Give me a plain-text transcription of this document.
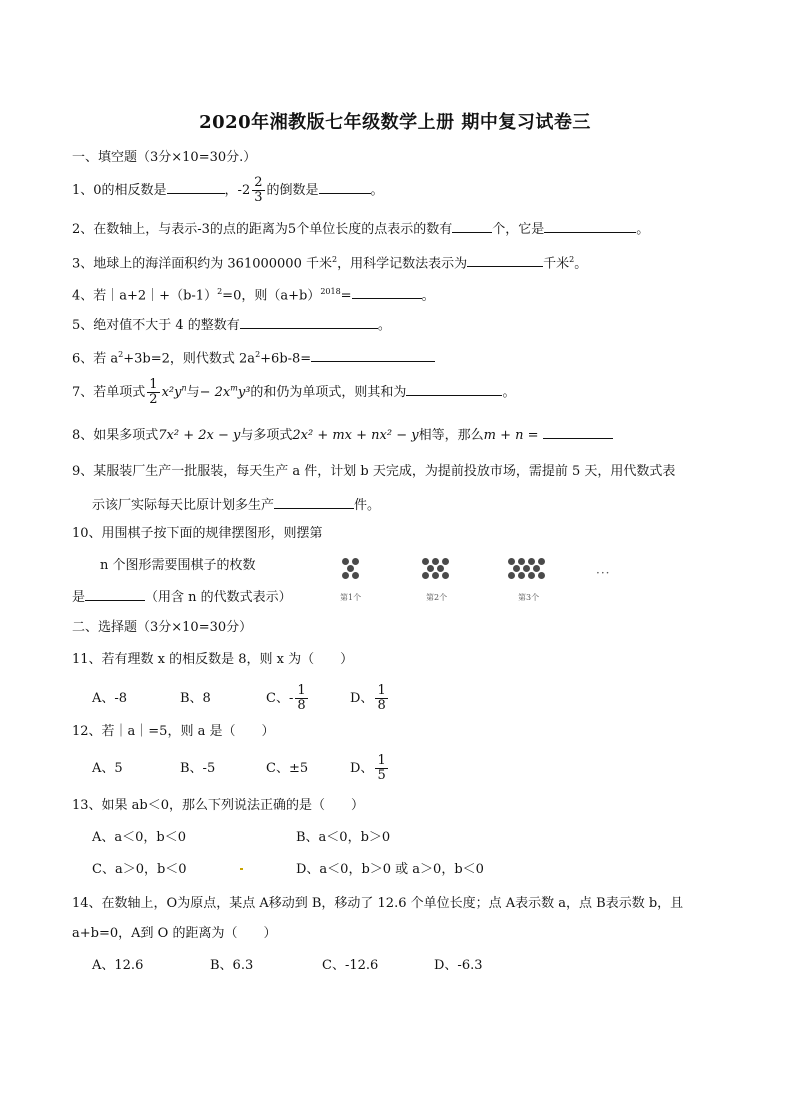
2020年湘教版七年级数学上册 期中复习试卷三
一、填空题（3分×10=30分.）
1、0的相反数是	，$-2 \frac{2}{3}$ 的倒数是	。
2、在数轴上，与表示-3的点的距离为5个单位长度的点表示的数有	个，它是	。
3、地球上的海洋面积约为 361000000 千米$^2$，用科学记数法表示为	千米$^2$。
4、若$|a+2|+(b-1)^2=0$，则$(a+b)^{2018}=$	。
5、绝对值不大于 4 的整数有	。
6、若 $a^2+3b=2$，则代数式 $2a^2+6b-8=$
7、若单项式 $\frac{1}{2} x^2y^n$与− $2x^my^3$的和仍为单项式，则其和为	。
8、如果多项式7x² + 2x − y与多项式2x² + mx + nx² − y相等，那么m + n =
9、某服装厂生产一批服装，每天生产 a 件，计划 b 天完成，为提前投放市场，需提前 5 天，用代数式表
示该厂实际每天比原计划多生产	件。
10、用围棋子按下面的规律摆图形，则摆第
n 个图形需要围棋子的枚数
是	（用含 n 的代数式表示）	第1个	第2个	第3个
···
二、选择题（3分×10=30分）
11、若有理数 x 的相反数是 8，则 x 为（　　）
A、-8	B、8	C、- $\frac{1}{8}$	D、 $\frac{1}{8}$
12、若｜a｜=5，则 a 是（　　）
A、5	B、-5	C、±5	D、 $\frac{1}{5}$
13、如果 ab＜0，那么下列说法正确的是（　　）
A、a＜0，b＜0	B、a＜0，b＞0
C、a＞0，b＜0	D、a＜0，b＞0 或 a＞0，b＜0
14、在数轴上，O为原点，某点 A移动到 B，移动了 12.6 个单位长度；点 A表示数 a，点 B表示数 b，且
a+b=0，A到 O 的距离为（　　）
A、12.6	B、6.3	C、-12.6	D、-6.3
